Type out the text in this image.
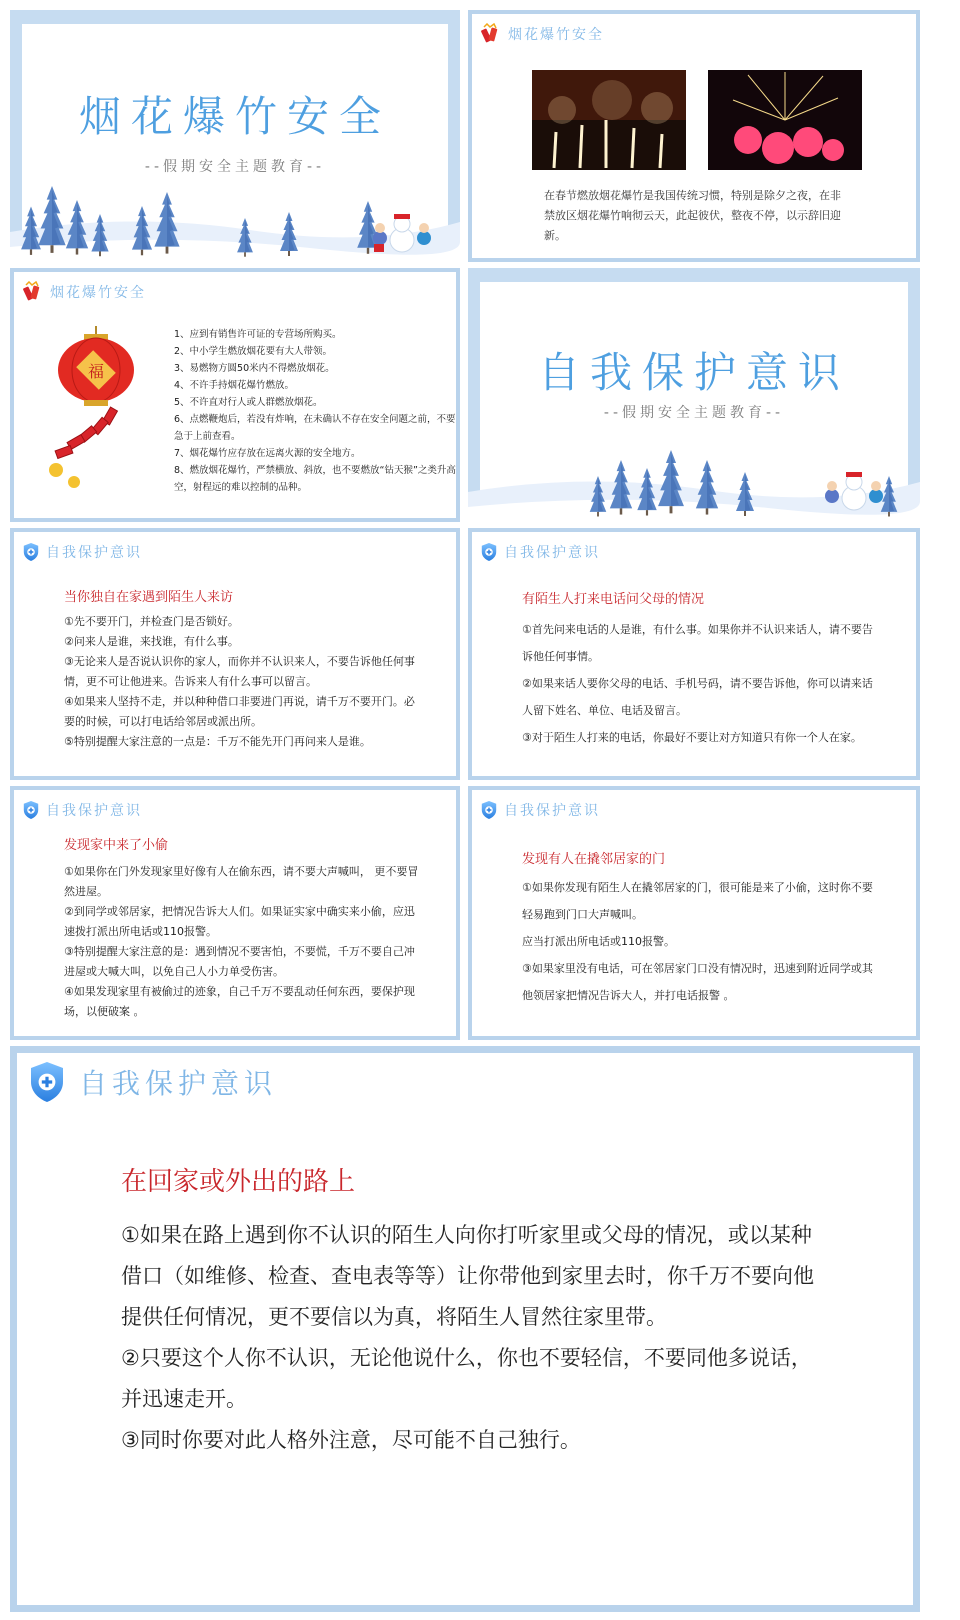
烟花爆竹安全
--假期安全主题教育--
烟花爆竹安全
在春节燃放烟花爆竹是我国传统习惯，特别是除夕之夜，在非禁放区烟花爆竹响彻云天，此起彼伏，整夜不停，以示辞旧迎新。
烟花爆竹安全
福

1、应到有销售许可证的专营场所购买。

2、中小学生燃放烟花要有大人带领。

3、易燃物方圆50米内不得燃放烟花。

4、不许手持烟花爆竹燃放。

5、不许直对行人或人群燃放烟花。

6、点燃鞭炮后，若没有炸响，在未确认不存在安全问题之前，不要急于上前查看。

7、烟花爆竹应存放在远离火源的安全地方。

8、燃放烟花爆竹，严禁横放、斜放，也不要燃放“钻天猴”之类升高空，射程远的难以控制的品种。

自我保护意识
--假期安全主题教育--
自我保护意识
当你独自在家遇到陌生人来访

①先不要开门，并检查门是否锁好。

②问来人是谁，来找谁，有什么事。

③无论来人是否说认识你的家人，而你并不认识来人，不要告诉他任何事情，更不可让他进来。告诉来人有什么事可以留言。

④如果来人坚持不走，并以种种借口非要进门再说，请千万不要开门。必要的时候，可以打电话给邻居或派出所。

⑤特别提醒大家注意的一点是：千万不能先开门再问来人是谁。

自我保护意识
有陌生人打来电话问父母的情况

①首先问来电话的人是谁，有什么事。如果你并不认识来话人，请不要告诉他任何事情。

②如果来话人要你父母的电话、手机号码，请不要告诉他，你可以请来话人留下姓名、单位、电话及留言。

③对于陌生人打来的电话，你最好不要让对方知道只有你一个人在家。

自我保护意识
发现家中来了小偷

①如果你在门外发现家里好像有人在偷东西，请不要大声喊叫， 更不要冒然进屋。

②到同学或邻居家，把情况告诉大人们。如果证实家中确实来小偷，应迅速拨打派出所电话或110报警。

③特别提醒大家注意的是：遇到情况不要害怕，不要慌，千万不要自己冲进屋或大喊大叫，以免自己人小力单受伤害。

④如果发现家里有被偷过的迹象，自己千万不要乱动任何东西，要保护现场，以便破案 。

自我保护意识
发现有人在撬邻居家的门

①如果你发现有陌生人在撬邻居家的门，很可能是来了小偷，这时你不要轻易跑到门口大声喊叫。

应当打派出所电话或110报警。

③如果家里没有电话，可在邻居家门口没有情况时，迅速到附近同学或其他领居家把情况告诉大人，并打电话报警 。

自我保护意识
在回家或外出的路上

①如果在路上遇到你不认识的陌生人向你打听家里或父母的情况，或以某种借口（如维修、检查、查电表等等）让你带他到家里去时，你千万不要向他提供任何情况，更不要信以为真，将陌生人冒然往家里带。

②只要这个人你不认识，无论他说什么，你也不要轻信，不要同他多说话，并迅速走开。

③同时你要对此人格外注意，尽可能不自己独行。
